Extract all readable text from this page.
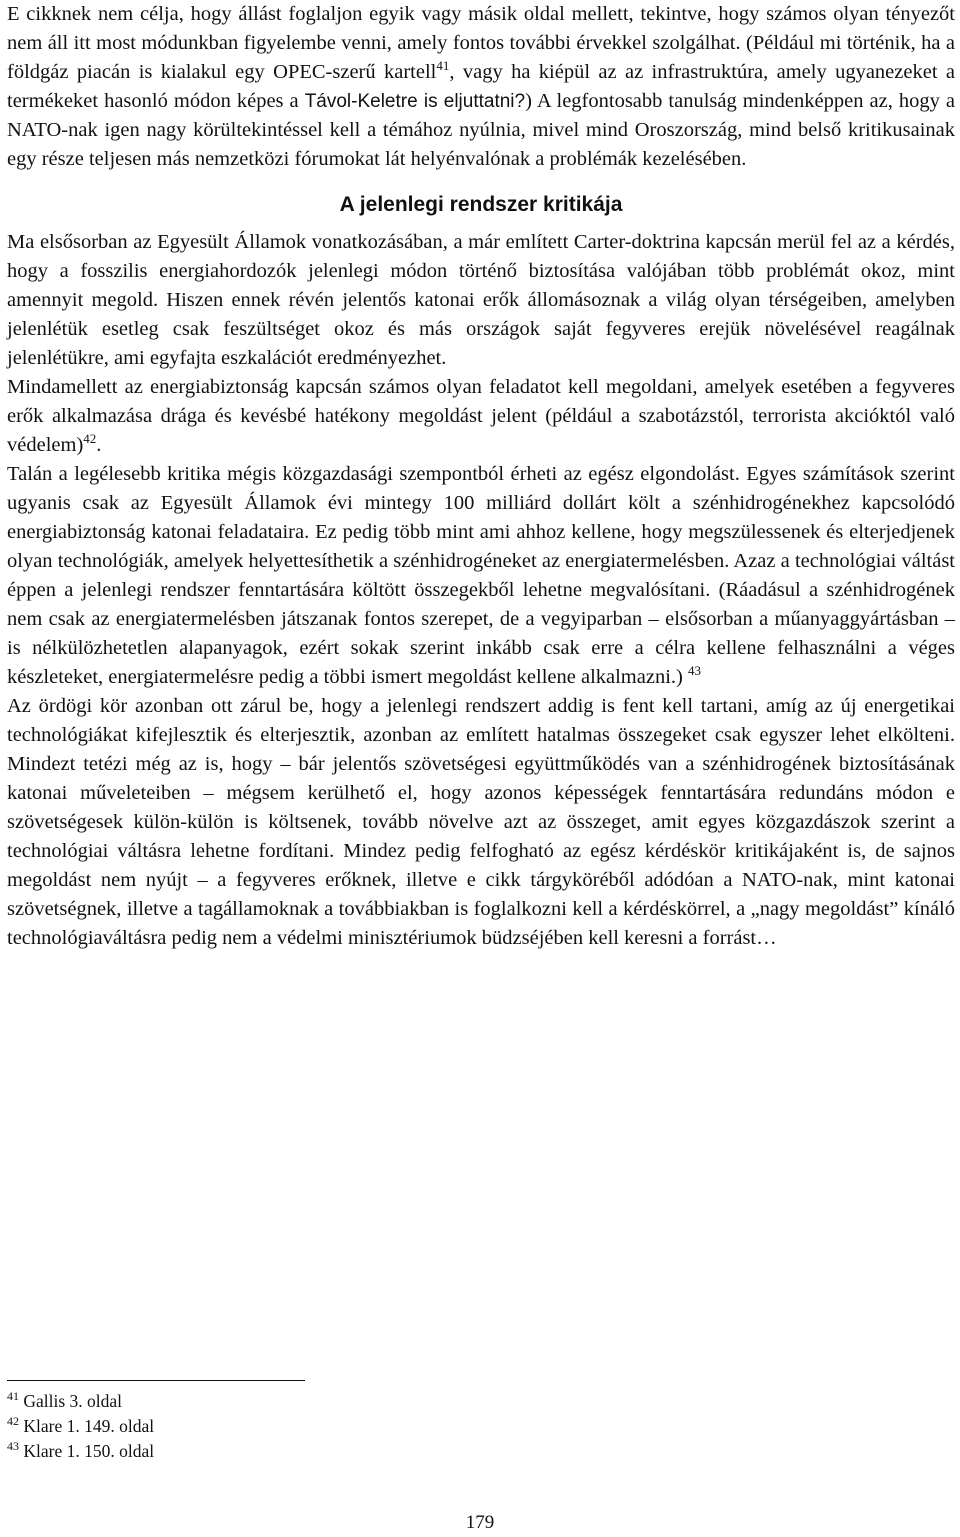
E cikknek nem célja, hogy állást foglaljon egyik vagy másik oldal mellett, tekintve, hogy számos olyan tényezőt nem áll itt most módunkban figyelembe venni, amely fontos további érvekkel szolgálhat. (Például mi történik, ha a földgáz piacán is kialakul egy OPEC-szerű kartell$^{41}$, vagy ha kiépül az az infrastruktúra, amely ugyanezeket a termékeket hasonló módon képes a Távol-Keletre is eljuttatni?) A legfontosabb tanulság mindenképpen az, hogy a NATO-nak igen nagy körültekintéssel kell a témához nyúlnia, mivel mind Oroszország, mind belső kritikusainak egy része teljesen más nemzetközi fórumokat lát helyénvalónak a problémák kezelésében.

A jelenlegi rendszer kritikája

Ma elsősorban az Egyesült Államok vonatkozásában, a már említett Carter-doktrina kapcsán merül fel az a kérdés, hogy a fosszilis energiahordozók jelenlegi módon történő biztosítása valójában több problémát okoz, mint amennyit megold. Hiszen ennek révén jelentős katonai erők állomásoznak a világ olyan térségeiben, amelyben jelenlétük esetleg csak feszültséget okoz és más országok saját fegyveres erejük növelésével reagálnak jelenlétükre, ami egyfajta eszkalációt eredményezhet.

Mindamellett az energiabiztonság kapcsán számos olyan feladatot kell megoldani, amelyek esetében a fegyveres erők alkalmazása drága és kevésbé hatékony megoldást jelent (például a szabotázstól, terrorista akcióktól való védelem)$^{42}$.

Talán a legélesebb kritika mégis közgazdasági szempontból érheti az egész elgondolást. Egyes számítások szerint ugyanis csak az Egyesült Államok évi mintegy 100 milliárd dollárt költ a szénhidrogénekhez kapcsolódó energiabiztonság katonai feladataira. Ez pedig több mint ami ahhoz kellene, hogy megszülessenek és elterjedjenek olyan technológiák, amelyek helyettesíthetik a szénhidrogéneket az energiatermelésben. Azaz a technológiai váltást éppen a jelenlegi rendszer fenntartására költött összegekből lehetne megvalósítani. (Ráadásul a szénhidrogének nem csak az energiatermelésben játszanak fontos szerepet, de a vegyiparban – elsősorban a műanyaggyártásban – is nélkülözhetetlen alapanyagok, ezért sokak szerint inkább csak erre a célra kellene felhasználni a véges készleteket, energiatermelésre pedig a többi ismert megoldást kellene alkalmazni.) $^{43}$

Az ördögi kör azonban ott zárul be, hogy a jelenlegi rendszert addig is fent kell tartani, amíg az új energetikai technológiákat kifejlesztik és elterjesztik, azonban az említett hatalmas összegeket csak egyszer lehet elkölteni. Mindezt tetézi még az is, hogy – bár jelentős szövetségesi együttműködés van a szénhidrogének biztosításának katonai műveleteiben – mégsem kerülhető el, hogy azonos képességek fenntartására redundáns módon e szövetségesek külön-külön is költsenek, tovább növelve azt az összeget, amit egyes közgazdászok szerint a technológiai váltásra lehetne fordítani. Mindez pedig felfogható az egész kérdéskör kritikájaként is, de sajnos megoldást nem nyújt – a fegyveres erőknek, illetve e cikk tárgyköréből adódóan a NATO-nak, mint katonai szövetségnek, illetve a tagállamoknak a továbbiakban is foglalkozni kell a kérdéskörrel, a „nagy megoldást” kínáló technológiaváltásra pedig nem a védelmi minisztériumok büdzséjében kell keresni a forrást…

$^{41}$ Gallis 3. oldal
$^{42}$ Klare 1. 149. oldal
$^{43}$ Klare 1. 150. oldal
179
